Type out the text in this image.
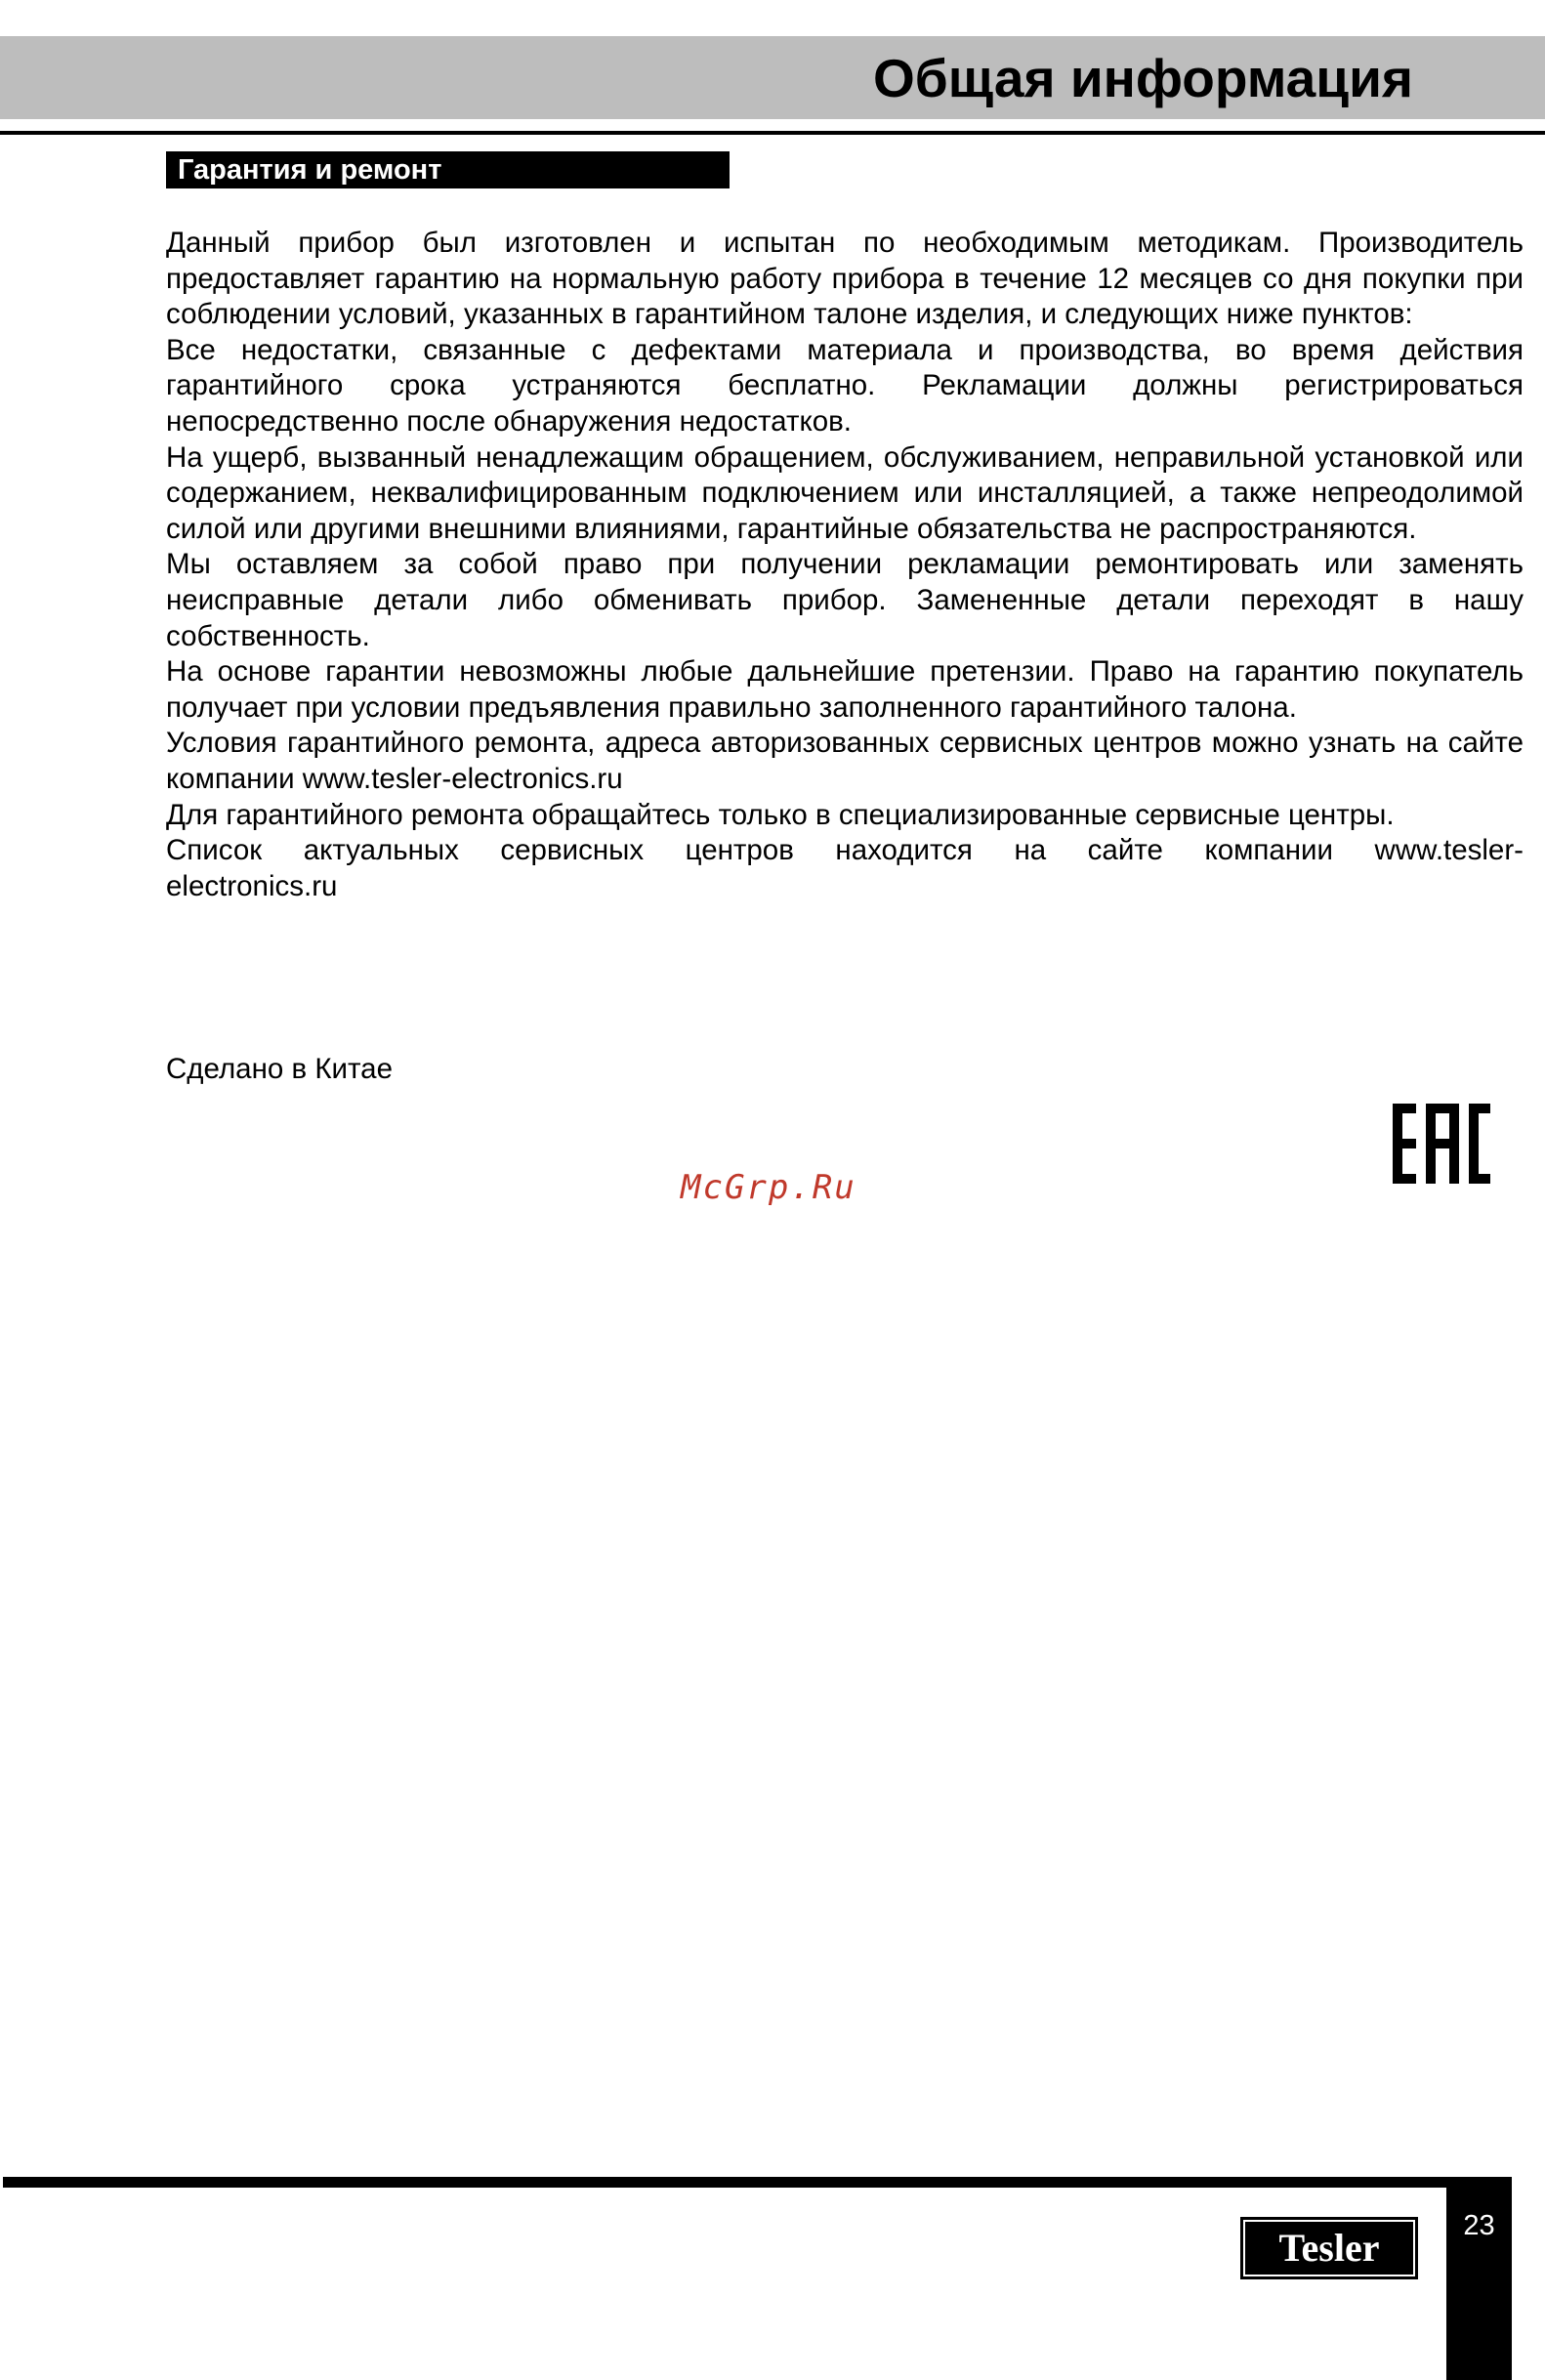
Общая информация
Гарантия и ремонт

Данный прибор был изготовлен и испытан по необходимым методикам. Производитель предоставляет гарантию на нормальную работу прибора в течение 12 месяцев со дня покупки при соблюдении условий, указанных в гарантийном талоне изделия, и следующих ниже пунктов:

Все недостатки, связанные с дефектами материала и производства, во время действия гарантийного срока устраняются бесплатно. Рекламации должны регистрироваться непосредственно после обнаружения недостатков.

На ущерб, вызванный ненадлежащим обращением, обслуживанием, неправильной установкой или содержанием, неквалифицированным подключением или инсталляцией, а также непреодолимой силой или другими внешними влияниями, гарантийные обязательства не распространяются.

Мы оставляем за собой право при получении рекламации ремонтировать или заменять неисправные детали либо обменивать прибор. Замененные детали переходят в нашу собственность.

На основе гарантии невозможны любые дальнейшие претензии. Право на гарантию покупатель получает при условии предъявления правильно заполненного гарантийного талона.

Условия гарантийного ремонта, адреса авторизованных сервисных центров можно узнать на сайте компании www.tesler-electronics.ru

Для гарантийного ремонта обращайтесь только в специализированные сервисные центры.

Список актуальных сервисных центров находится на сайте компании www.tesler-

electronics.ru

Сделано в Китае
McGrp.Ru
23
Tesler
